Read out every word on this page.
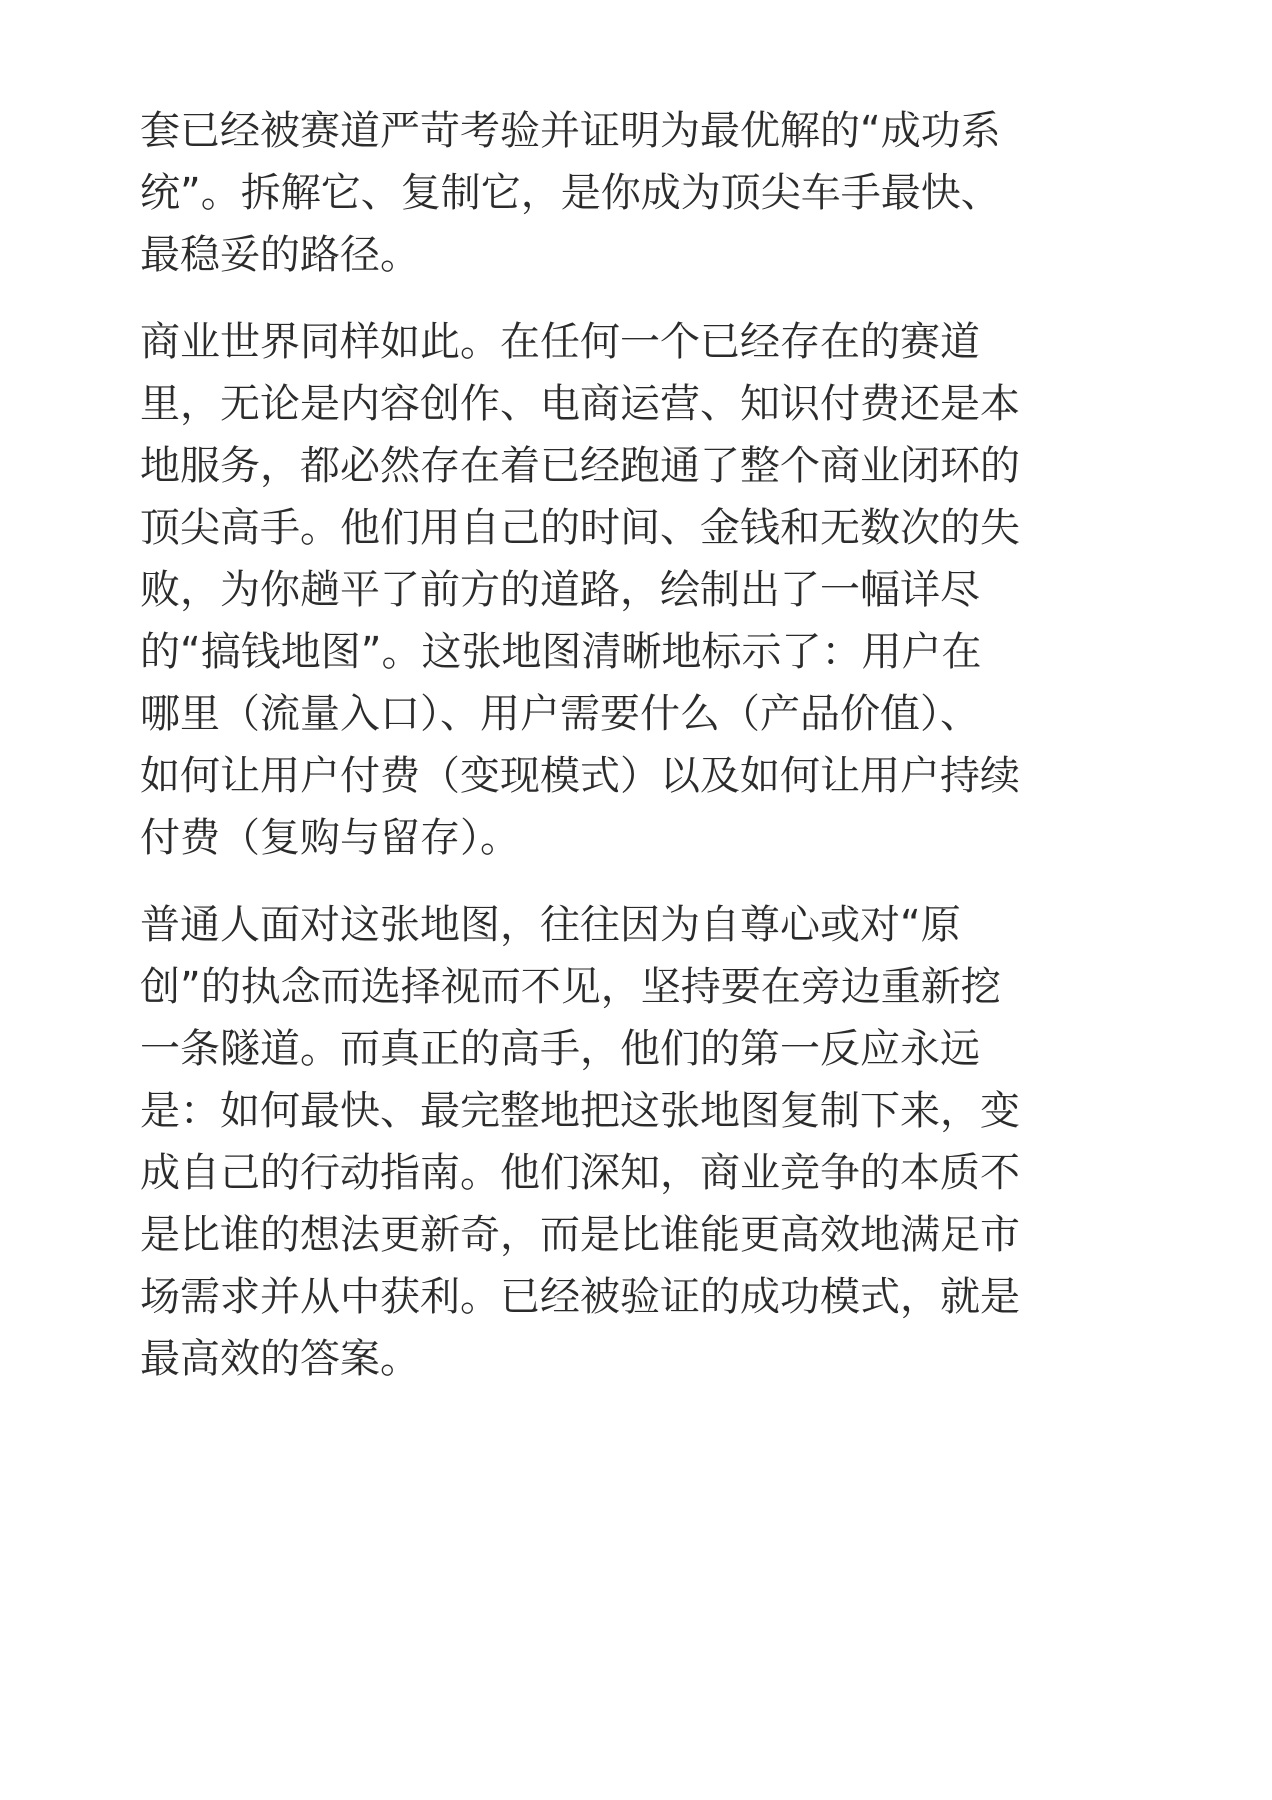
套已经被赛道严苛考验并证明为最优解的“成功系
统”。拆解它、复制它，是你成为顶尖车手最快、
最稳妥的路径。

商业世界同样如此。在任何一个已经存在的赛道
里，无论是内容创作、电商运营、知识付费还是本
地服务，都必然存在着已经跑通了整个商业闭环的
顶尖高手。他们用自己的时间、金钱和无数次的失
败，为你趟平了前方的道路，绘制出了一幅详尽
的“搞钱地图”。这张地图清晰地标示了：用户在
哪里（流量入口）、用户需要什么（产品价值）、
如何让用户付费（变现模式）以及如何让用户持续
付费（复购与留存）。

普通人面对这张地图，往往因为自尊心或对“原
创”的执念而选择视而不见，坚持要在旁边重新挖
一条隧道。而真正的高手，他们的第一反应永远
是：如何最快、最完整地把这张地图复制下来，变
成自己的行动指南。他们深知，商业竞争的本质不
是比谁的想法更新奇，而是比谁能更高效地满足市
场需求并从中获利。已经被验证的成功模式，就是
最高效的答案。
